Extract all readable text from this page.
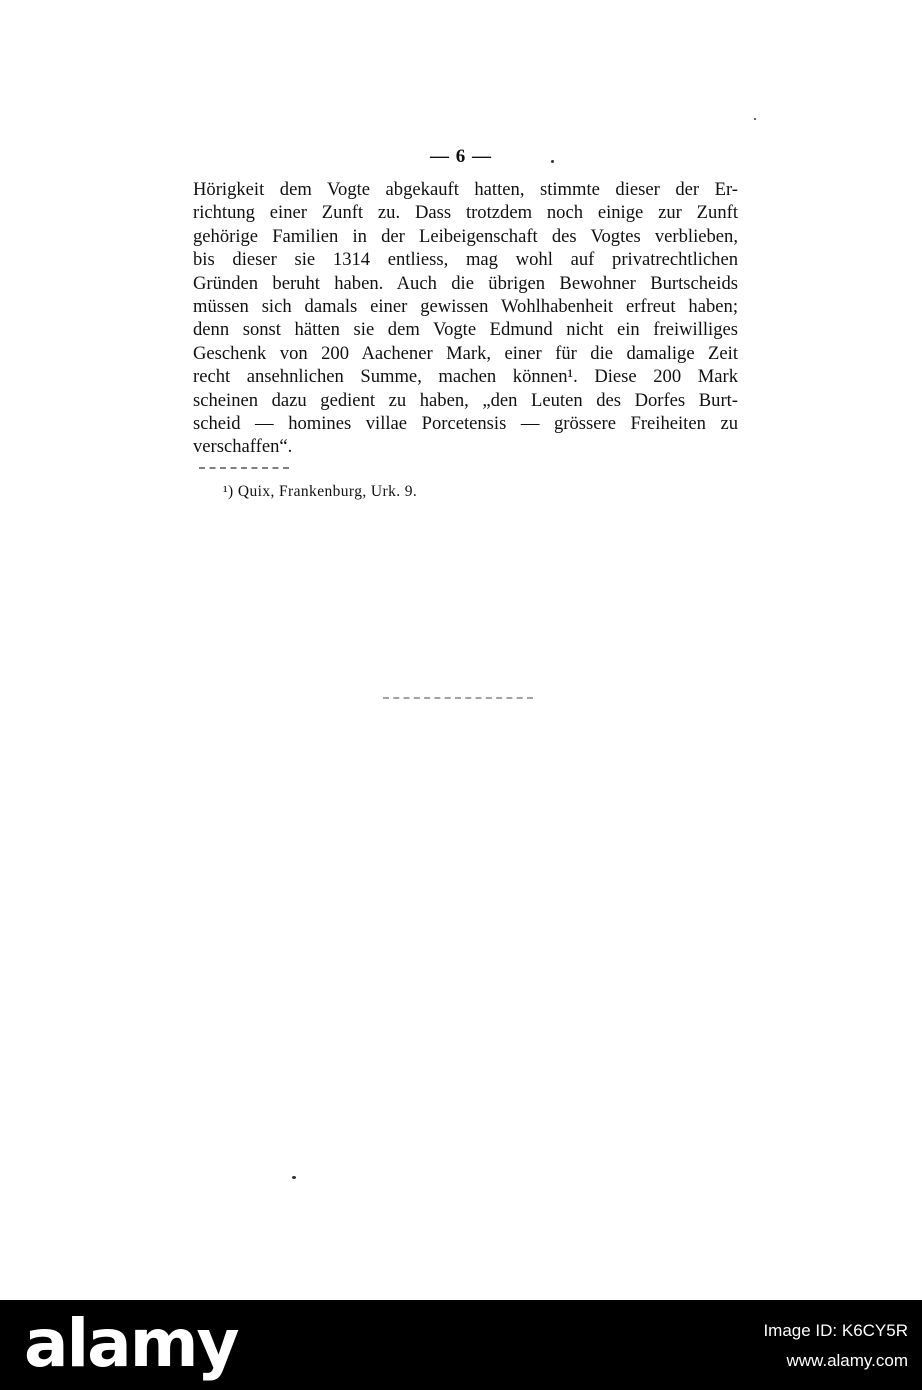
— 6 —
Hörigkeit dem Vogte abgekauft hatten, stimmte dieser der Er-
richtung einer Zunft zu. Dass trotzdem noch einige zur Zunft
gehörige Familien in der Leibeigenschaft des Vogtes verblieben,
bis dieser sie 1314 entliess, mag wohl auf privatrechtlichen
Gründen beruht haben. Auch die übrigen Bewohner Burtscheids
müssen sich damals einer gewissen Wohlhabenheit erfreut haben;
denn sonst hätten sie dem Vogte Edmund nicht ein freiwilliges
Geschenk von 200 Aachener Mark, einer für die damalige Zeit
recht ansehnlichen Summe, machen können¹. Diese 200 Mark
scheinen dazu gedient zu haben, „den Leuten des Dorfes Burt-
scheid — homines villae Porcetensis — grössere Freiheiten zu
verschaffen“.
¹) Quix, Frankenburg, Urk. 9.
alamy	Image ID: K6CY5R
www.alamy.com
